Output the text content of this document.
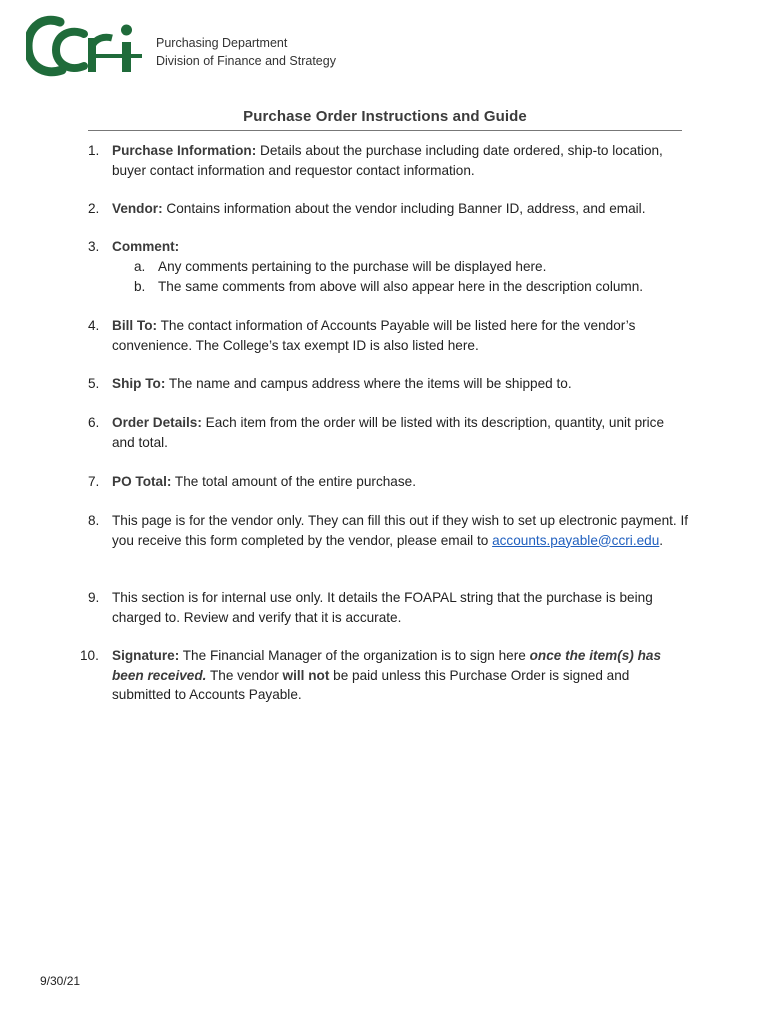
Purchasing Department
Division of Finance and Strategy
Purchase Order Instructions and Guide
1. Purchase Information: Details about the purchase including date ordered, ship-to location, buyer contact information and requestor contact information.
2. Vendor: Contains information about the vendor including Banner ID, address, and email.
3. Comment:
a. Any comments pertaining to the purchase will be displayed here.
b. The same comments from above will also appear here in the description column.
4. Bill To: The contact information of Accounts Payable will be listed here for the vendor’s convenience. The College’s tax exempt ID is also listed here.
5. Ship To: The name and campus address where the items will be shipped to.
6. Order Details: Each item from the order will be listed with its description, quantity, unit price and total.
7. PO Total: The total amount of the entire purchase.
8. This page is for the vendor only. They can fill this out if they wish to set up electronic payment. If you receive this form completed by the vendor, please email to accounts.payable@ccri.edu.
9. This section is for internal use only. It details the FOAPAL string that the purchase is being charged to. Review and verify that it is accurate.
10. Signature: The Financial Manager of the organization is to sign here once the item(s) has been received. The vendor will not be paid unless this Purchase Order is signed and submitted to Accounts Payable.
9/30/21
